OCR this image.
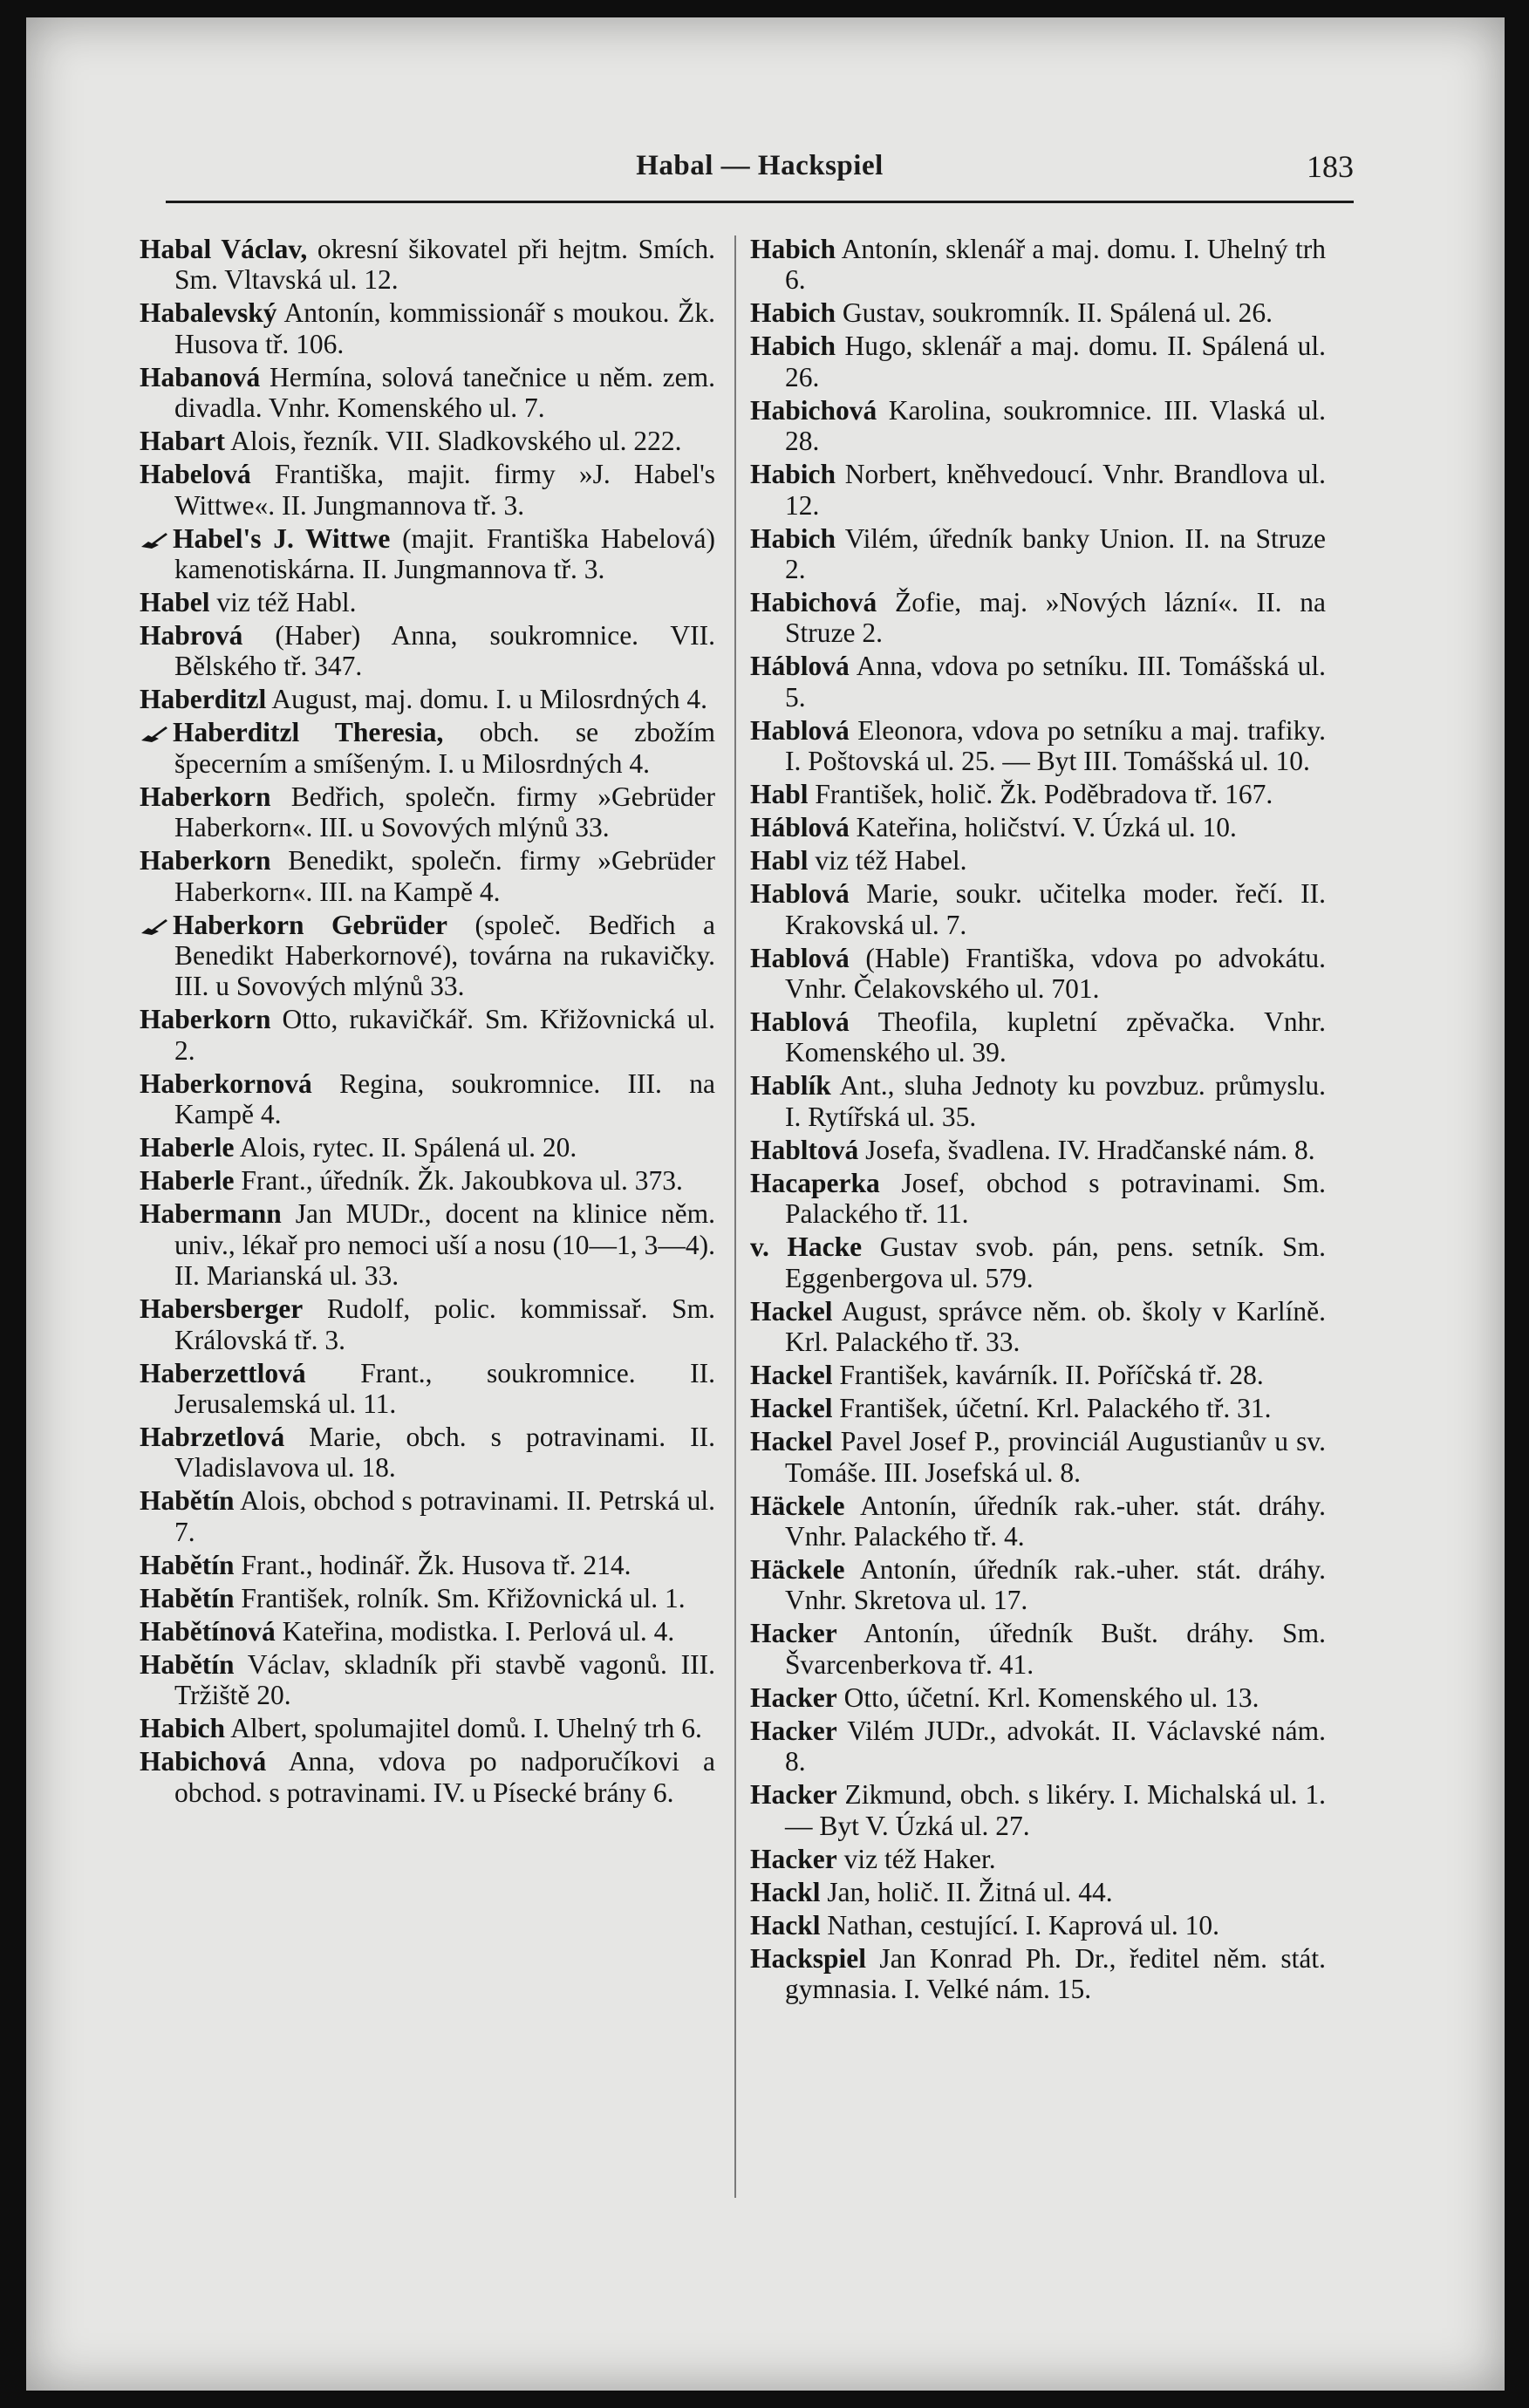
Habal — Hackspiel	183

Habal Václav, okresní šikovatel při hejtm. Smích. Sm. Vltavská ul. 12.

Habalevský Antonín, kommissionář s moukou. Žk. Husova tř. 106.

Habanová Hermína, solová tanečnice u něm. zem. divadla. Vnhr. Komenského ul. 7.

Habart Alois, řezník. VII. Sladkovského ul. 222.

Habelová Františka, majit. firmy »J. Habel's Wittwe«. II. Jungmannova tř. 3.

Habel's J. Wittwe (majit. Františka Habelová) kamenotiskárna. II. Jungmannova tř. 3.

Habel viz též Habl.

Habrová (Haber) Anna, soukromnice. VII. Bělského tř. 347.

Haberditzl August, maj. domu. I. u Milosrdných 4.

Haberditzl Theresia, obch. se zbožím špecerním a smíšeným. I. u Milosrdných 4.

Haberkorn Bedřich, společn. firmy »Gebrüder Haberkorn«. III. u Sovových mlýnů 33.

Haberkorn Benedikt, společn. firmy »Gebrüder Haberkorn«. III. na Kampě 4.

Haberkorn Gebrüder (společ. Bedřich a Benedikt Haberkornové), továrna na rukavičky. III. u Sovových mlýnů 33.

Haberkorn Otto, rukavičkář. Sm. Křižovnická ul. 2.

Haberkornová Regina, soukromnice. III. na Kampě 4.

Haberle Alois, rytec. II. Spálená ul. 20.

Haberle Frant., úředník. Žk. Jakoubkova ul. 373.

Habermann Jan MUDr., docent na klinice něm. univ., lékař pro nemoci uší a nosu (10—1, 3—4). II. Marianská ul. 33.

Habersberger Rudolf, polic. kommissař. Sm. Královská tř. 3.

Haberzettlová Frant., soukromnice. II. Jerusalemská ul. 11.

Habrzetlová Marie, obch. s potravinami. II. Vladislavova ul. 18.

Habětín Alois, obchod s potravinami. II. Petrská ul. 7.

Habětín Frant., hodinář. Žk. Husova tř. 214.

Habětín František, rolník. Sm. Křižovnická ul. 1.

Habětínová Kateřina, modistka. I. Perlová ul. 4.

Habětín Václav, skladník při stavbě vagonů. III. Tržiště 20.

Habich Albert, spolumajitel domů. I. Uhelný trh 6.

Habichová Anna, vdova po nadporučíkovi a obchod. s potravinami. IV. u Písecké brány 6.

Habich Antonín, sklenář a maj. domu. I. Uhelný trh 6.

Habich Gustav, soukromník. II. Spálená ul. 26.

Habich Hugo, sklenář a maj. domu. II. Spálená ul. 26.

Habichová Karolina, soukromnice. III. Vlaská ul. 28.

Habich Norbert, kněhvedoucí. Vnhr. Brandlova ul. 12.

Habich Vilém, úředník banky Union. II. na Struze 2.

Habichová Žofie, maj. »Nových lázní«. II. na Struze 2.

Háblová Anna, vdova po setníku. III. Tomášská ul. 5.

Hablová Eleonora, vdova po setníku a maj. trafiky. I. Poštovská ul. 25. — Byt III. Tomášská ul. 10.

Habl František, holič. Žk. Poděbradova tř. 167.

Háblová Kateřina, holičství. V. Úzká ul. 10.

Habl viz též Habel.

Hablová Marie, soukr. učitelka moder. řečí. II. Krakovská ul. 7.

Hablová (Hable) Františka, vdova po advokátu. Vnhr. Čelakovského ul. 701.

Hablová Theofila, kupletní zpěvačka. Vnhr. Komenského ul. 39.

Hablík Ant., sluha Jednoty ku povzbuz. průmyslu. I. Rytířská ul. 35.

Habltová Josefa, švadlena. IV. Hradčanské nám. 8.

Hacaperka Josef, obchod s potravinami. Sm. Palackého tř. 11.

v. Hacke Gustav svob. pán, pens. setník. Sm. Eggenbergova ul. 579.

Hackel August, správce něm. ob. školy v Karlíně. Krl. Palackého tř. 33.

Hackel František, kavárník. II. Poříčská tř. 28.

Hackel František, účetní. Krl. Palackého tř. 31.

Hackel Pavel Josef P., provinciál Augustianův u sv. Tomáše. III. Josefská ul. 8.

Häckele Antonín, úředník rak.-uher. stát. dráhy. Vnhr. Palackého tř. 4.

Häckele Antonín, úředník rak.-uher. stát. dráhy. Vnhr. Skretova ul. 17.

Hacker Antonín, úředník Bušt. dráhy. Sm. Švarcenberkova tř. 41.

Hacker Otto, účetní. Krl. Komenského ul. 13.

Hacker Vilém JUDr., advokát. II. Václavské nám. 8.

Hacker Zikmund, obch. s likéry. I. Michalská ul. 1. — Byt V. Úzká ul. 27.

Hacker viz též Haker.

Hackl Jan, holič. II. Žitná ul. 44.

Hackl Nathan, cestující. I. Kaprová ul. 10.

Hackspiel Jan Konrad Ph. Dr., ředitel něm. stát. gymnasia. I. Velké nám. 15.
